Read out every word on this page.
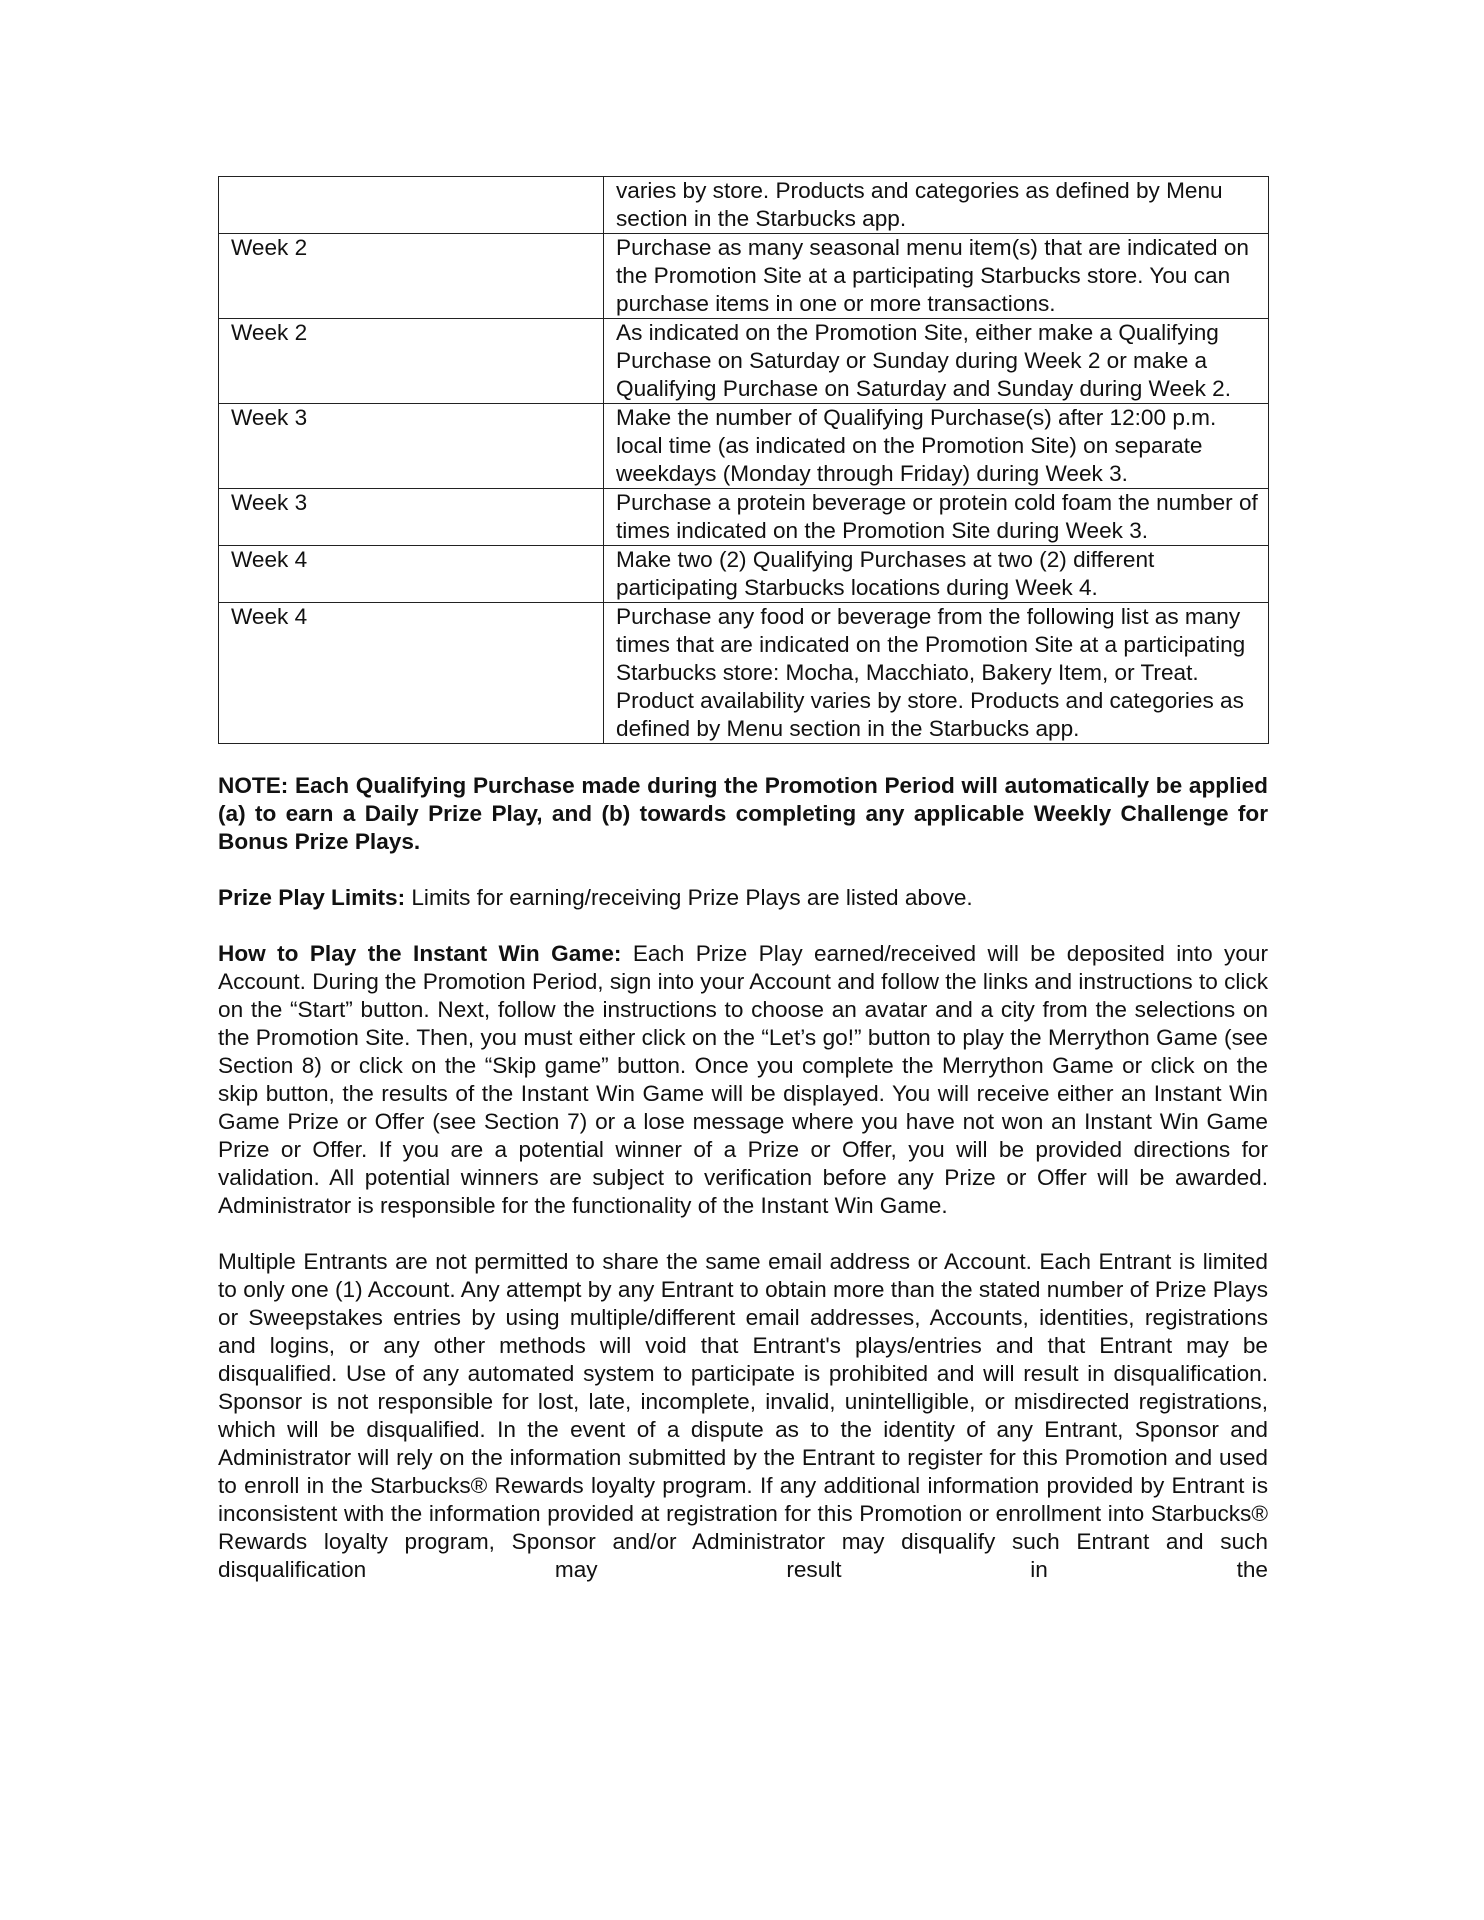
	varies by store. Products and categories as defined by Menu section in the Starbucks app.
Week 2	Purchase as many seasonal menu item(s) that are indicated on the Promotion Site at a participating Starbucks store. You can purchase items in one or more transactions.
Week 2	As indicated on the Promotion Site, either make a Qualifying Purchase on Saturday or Sunday during Week 2 or make a Qualifying Purchase on Saturday and Sunday during Week 2.
Week 3	Make the number of Qualifying Purchase(s) after 12:00 p.m. local time (as indicated on the Promotion Site) on separate weekdays (Monday through Friday) during Week 3.
Week 3	Purchase a protein beverage or protein cold foam the number of times indicated on the Promotion Site during Week 3.
Week 4	Make two (2) Qualifying Purchases at two (2) different participating Starbucks locations during Week 4.
Week 4	Purchase any food or beverage from the following list as many times that are indicated on the Promotion Site at a participating Starbucks store: Mocha, Macchiato, Bakery Item, or Treat. Product availability varies by store. Products and categories as defined by Menu section in the Starbucks app.
NOTE: Each Qualifying Purchase made during the Promotion Period will automatically be applied (a) to earn a Daily Prize Play, and (b) towards completing any applicable Weekly Challenge for Bonus Prize Plays.

Prize Play Limits: Limits for earning/receiving Prize Plays are listed above.

How to Play the Instant Win Game: Each Prize Play earned/received will be deposited into your Account. During the Promotion Period, sign into your Account and follow the links and instructions to click on the “Start” button. Next, follow the instructions to choose an avatar and a city from the selections on the Promotion Site. Then, you must either click on the “Let’s go!” button to play the Merrython Game (see Section 8) or click on the “Skip game” button. Once you complete the Merrython Game or click on the skip button, the results of the Instant Win Game will be displayed. You will receive either an Instant Win Game Prize or Offer (see Section 7) or a lose message where you have not won an Instant Win Game Prize or Offer. If you are a potential winner of a Prize or Offer, you will be provided directions for validation. All potential winners are subject to verification before any Prize or Offer will be awarded. Administrator is responsible for the functionality of the Instant Win Game.

Multiple Entrants are not permitted to share the same email address or Account. Each Entrant is limited to only one (1) Account. Any attempt by any Entrant to obtain more than the stated number of Prize Plays or Sweepstakes entries by using multiple/different email addresses, Accounts, identities, registrations and logins, or any other methods will void that Entrant's plays/entries and that Entrant may be disqualified. Use of any automated system to participate is prohibited and will result in disqualification. Sponsor is not responsible for lost, late, incomplete, invalid, unintelligible, or misdirected registrations, which will be disqualified. In the event of a dispute as to the identity of any Entrant, Sponsor and Administrator will rely on the information submitted by the Entrant to register for this Promotion and used to enroll in the Starbucks® Rewards loyalty program. If any additional information provided by Entrant is inconsistent with the information provided at registration for this Promotion or enrollment into Starbucks® Rewards loyalty program, Sponsor and/or Administrator may disqualify such Entrant and such disqualification may result in the
